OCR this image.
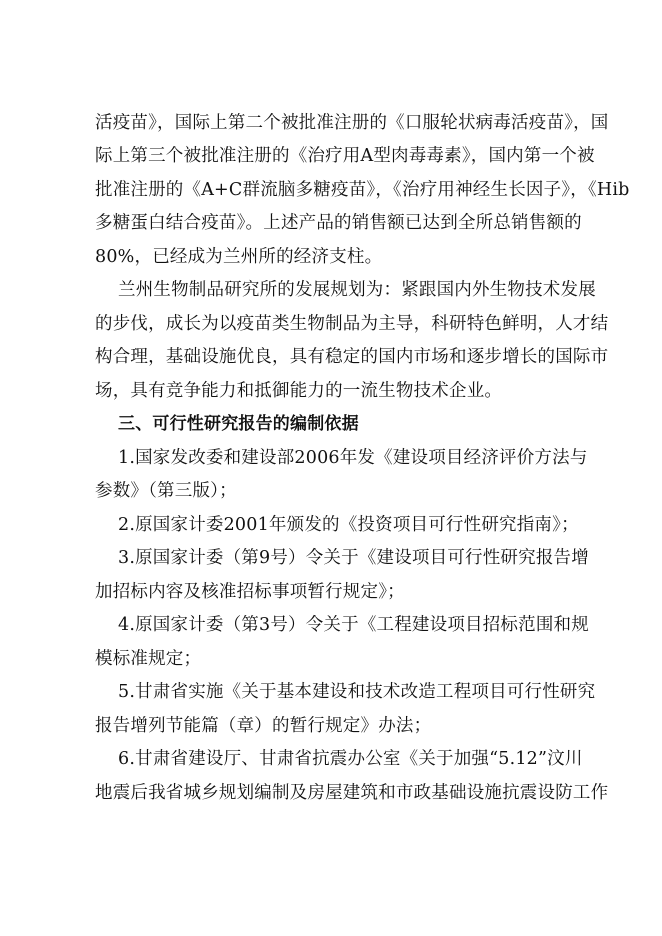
活疫苗》，国际上第二个被批准注册的《口服轮状病毒活疫苗》，国
际上第三个被批准注册的《治疗用A型肉毒毒素》，国内第一个被
批准注册的《A+C群流脑多糖疫苗》，《治疗用神经生长因子》，《Hib
多糖蛋白结合疫苗》。上述产品的销售额已达到全所总销售额的
80%，已经成为兰州所的经济支柱。
兰州生物制品研究所的发展规划为：紧跟国内外生物技术发展
的步伐，成长为以疫苗类生物制品为主导，科研特色鲜明，人才结
构合理，基础设施优良，具有稳定的国内市场和逐步增长的国际市
场，具有竞争能力和抵御能力的一流生物技术企业。
三、可行性研究报告的编制依据
1.国家发改委和建设部2006年发《建设项目经济评价方法与
参数》（第三版）；
2.原国家计委2001年颁发的《投资项目可行性研究指南》；
3.原国家计委（第9号）令关于《建设项目可行性研究报告增
加招标内容及核准招标事项暂行规定》；
4.原国家计委（第3号）令关于《工程建设项目招标范围和规
模标准规定；
5.甘肃省实施《关于基本建设和技术改造工程项目可行性研究
报告增列节能篇（章）的暂行规定》办法；
6.甘肃省建设厅、甘肃省抗震办公室《关于加强“5.12”汶川
地震后我省城乡规划编制及房屋建筑和市政基础设施抗震设防工作
